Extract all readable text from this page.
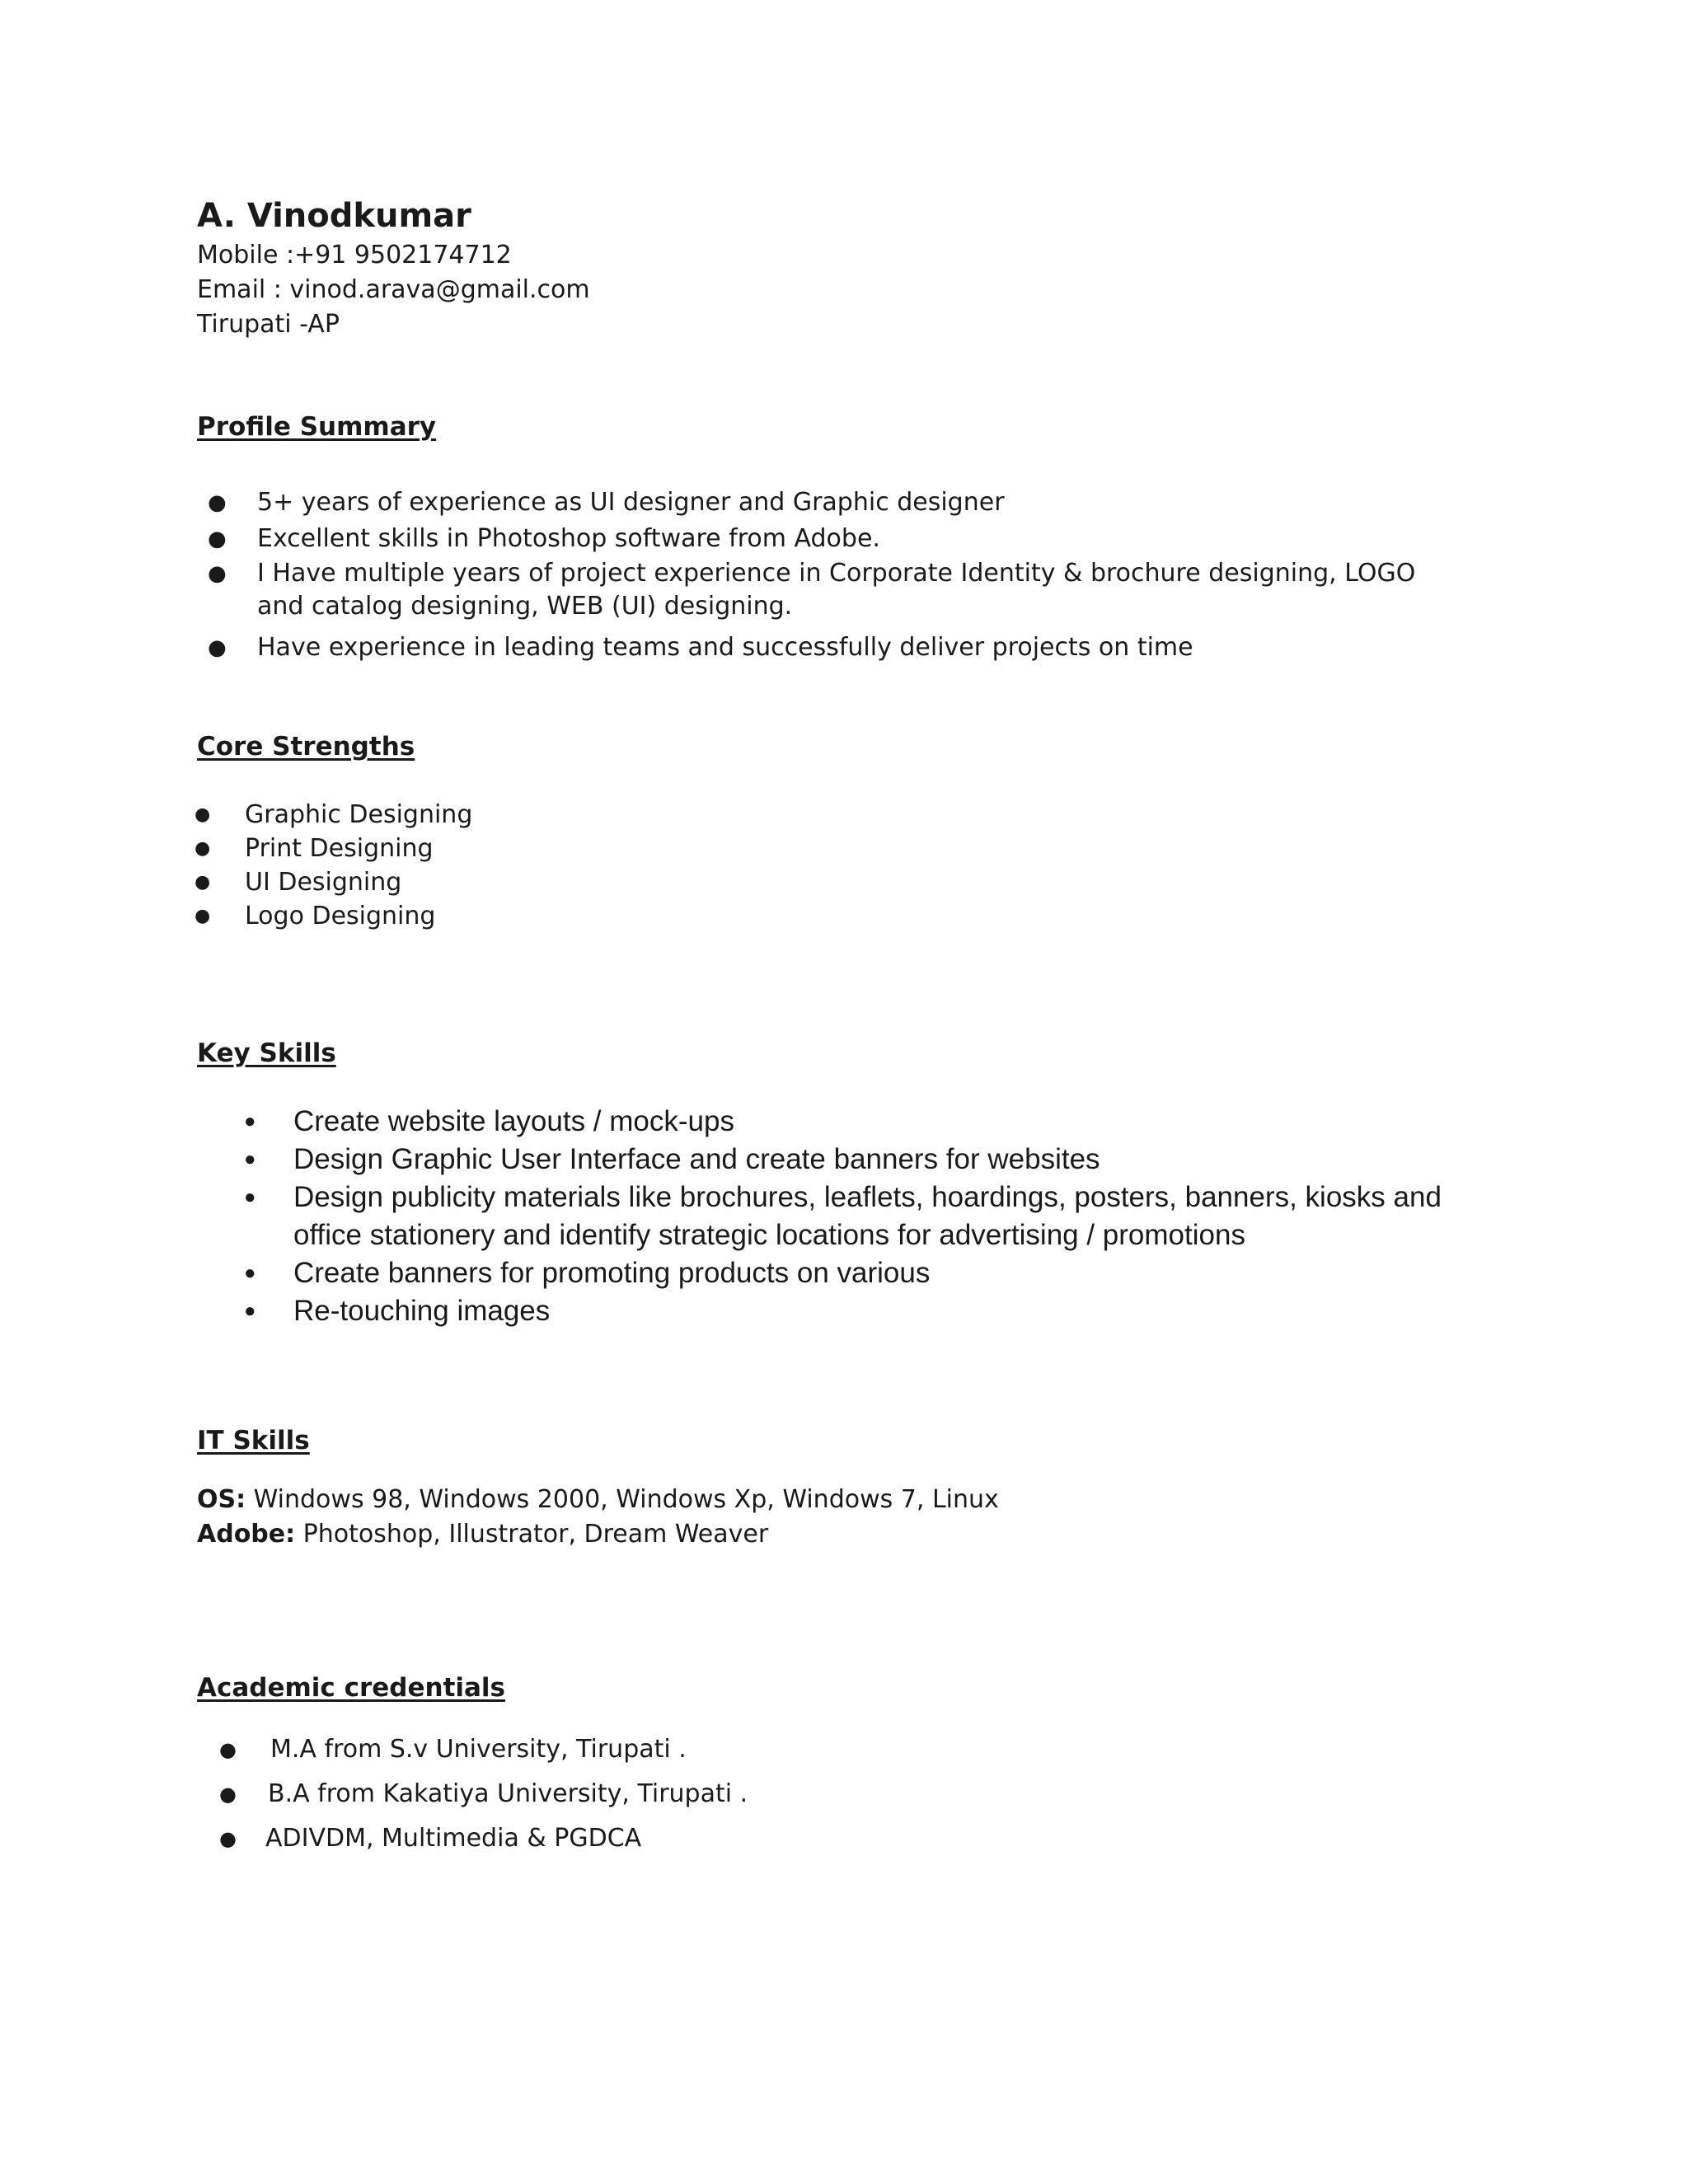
A. Vinodkumar

Mobile :+91 9502174712

Email : vinod.arava@gmail.com

Tirupati -AP

Profile Summary
● 5+ years of experience as UI designer and Graphic designer
● Excellent skills in Photoshop software from Adobe.
● I Have multiple years of project experience in Corporate Identity & brochure designing, LOGO and catalog designing, WEB (UI) designing.
● Have experience in leading teams and successfully deliver projects on time
Core Strengths
● Graphic Designing
● Print Designing
● UI Designing
● Logo Designing
Key Skills
● Create website layouts / mock-ups
● Design Graphic User Interface and create banners for websites
● Design publicity materials like brochures, leaflets, hoardings, posters, banners, kiosks and office stationery and identify strategic locations for advertising / promotions
● Create banners for promoting products on various
● Re-touching images
IT Skills

OS: Windows 98, Windows 2000, Windows Xp, Windows 7, Linux

Adobe: Photoshop, Illustrator, Dream Weaver

Academic credentials
● M.A from S.v University, Tirupati .
● B.A from Kakatiya University, Tirupati .
● ADIVDM, Multimedia & PGDCA
